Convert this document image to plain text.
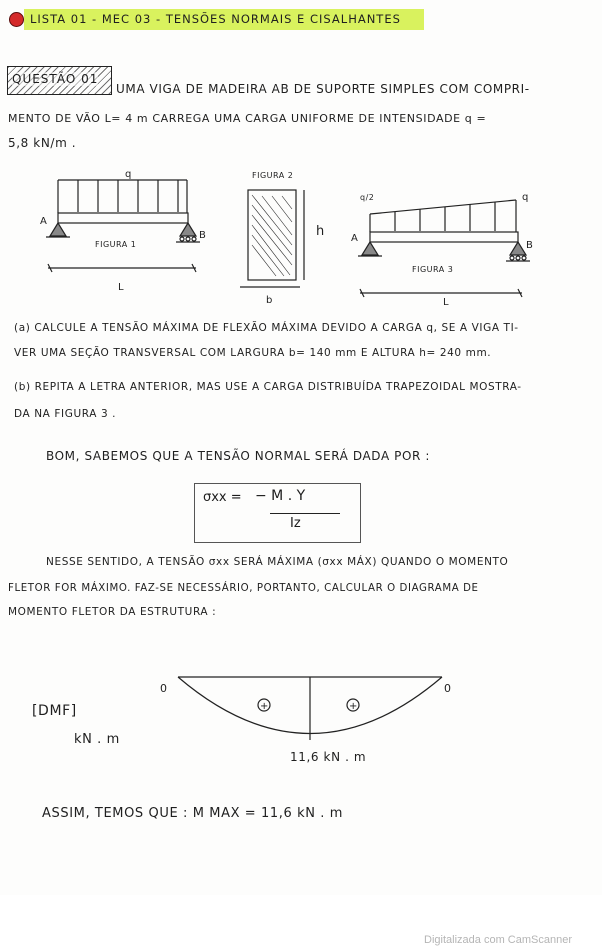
LISTA 01 - MEC 03 - TENSÕES NORMAIS E CISALHANTES
QUESTÃO 01
UMA VIGA DE MADEIRA AB DE SUPORTE SIMPLES COM COMPRI-
MENTO DE VÃO L= 4 m CARREGA UMA CARGA UNIFORME DE INTENSIDADE q =
5,8 kN/m .
q
A
B
FIGURA 1
L
FIGURA 2
h
b
q/2	q
A
B
FIGURA 3
L
0	0
+	+
(a) CALCULE A TENSÃO MÁXIMA DE FLEXÃO MÁXIMA DEVIDO A CARGA q, SE A VIGA TI-
VER UMA SEÇÃO TRANSVERSAL COM LARGURA b= 140 mm E ALTURA h= 240 mm.
(b) REPITA A LETRA ANTERIOR, MAS USE A CARGA DISTRIBUÍDA TRAPEZOIDAL MOSTRA-
DA NA FIGURA 3 .
BOM, SABEMOS QUE A TENSÃO NORMAL SERÁ DADA POR :
σxx = − M . Y
Iz
NESSE SENTIDO, A TENSÃO σxx SERÁ MÁXIMA (σxx MÁX) QUANDO O MOMENTO
FLETOR FOR MÁXIMO. FAZ-SE NECESSÁRIO, PORTANTO, CALCULAR O DIAGRAMA DE
MOMENTO FLETOR DA ESTRUTURA :
[DMF]
kN . m
11,6 kN . m
ASSIM, TEMOS QUE : M MAX = 11,6 kN . m
Digitalizada com CamScanner
